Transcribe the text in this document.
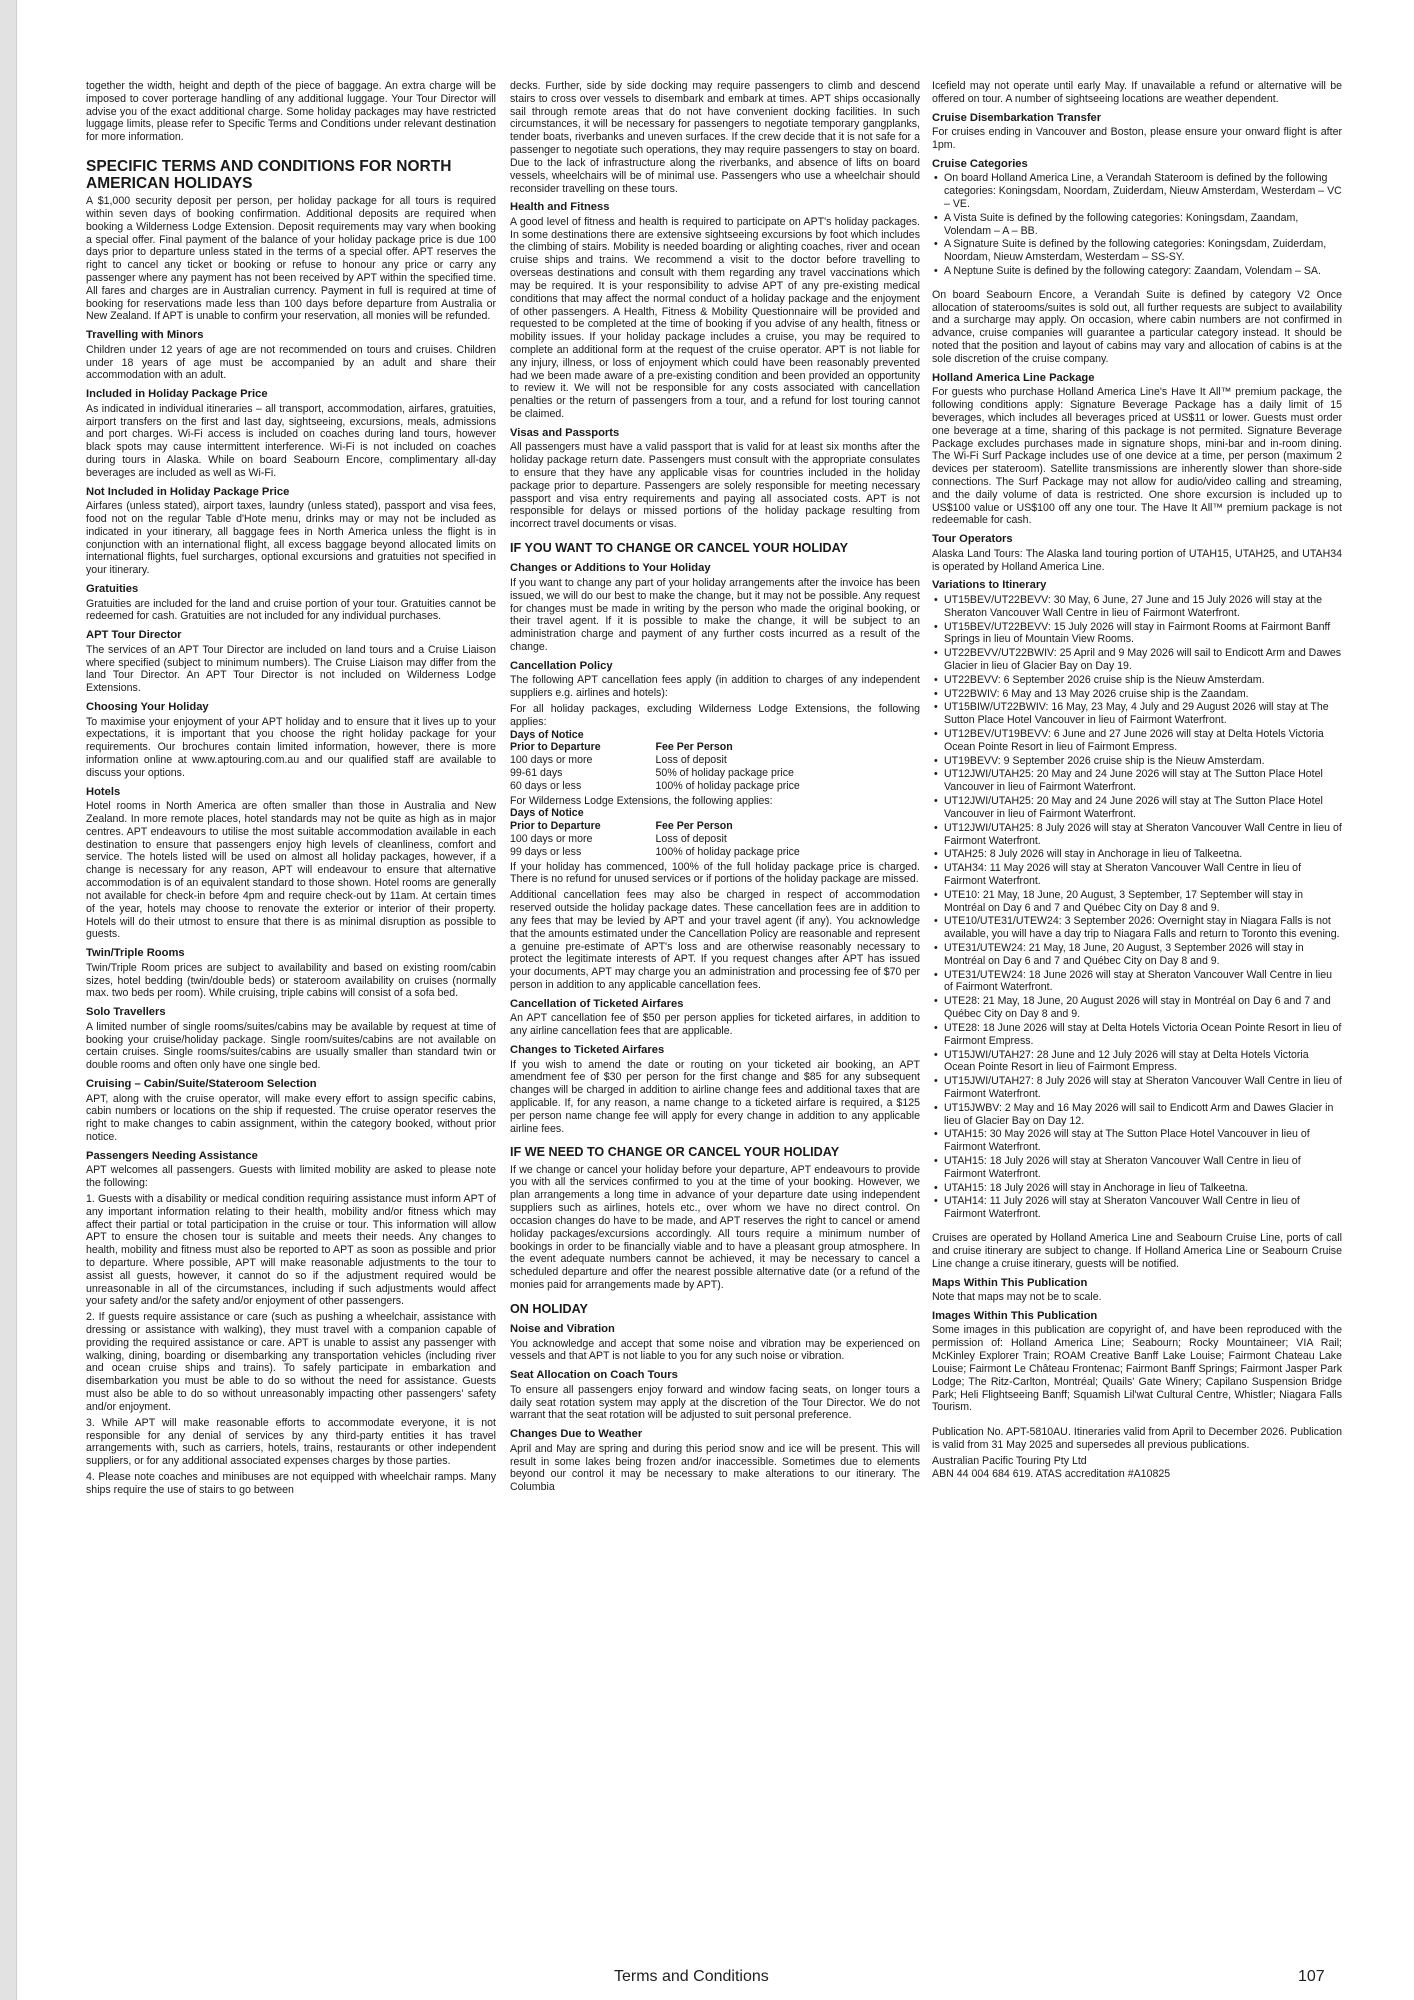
together the width, height and depth of the piece of baggage. An extra charge will be imposed to cover porterage handling of any additional luggage. Your Tour Director will advise you of the exact additional charge. Some holiday packages may have restricted luggage limits, please refer to Specific Terms and Conditions under relevant destination for more information.

SPECIFIC TERMS AND CONDITIONS FOR NORTH AMERICAN HOLIDAYS

A $1,000 security deposit per person, per holiday package for all tours is required within seven days of booking confirmation. Additional deposits are required when booking a Wilderness Lodge Extension. Deposit requirements may vary when booking a special offer. Final payment of the balance of your holiday package price is due 100 days prior to departure unless stated in the terms of a special offer. APT reserves the right to cancel any ticket or booking or refuse to honour any price or carry any passenger where any payment has not been received by APT within the specified time. All fares and charges are in Australian currency. Payment in full is required at time of booking for reservations made less than 100 days before departure from Australia or New Zealand. If APT is unable to confirm your reservation, all monies will be refunded.

Travelling with Minors

Children under 12 years of age are not recommended on tours and cruises. Children under 18 years of age must be accompanied by an adult and share their accommodation with an adult.

Included in Holiday Package Price

As indicated in individual itineraries – all transport, accommodation, airfares, gratuities, airport transfers on the first and last day, sightseeing, excursions, meals, admissions and port charges. Wi-Fi access is included on coaches during land tours, however black spots may cause intermittent interference. Wi-Fi is not included on coaches during tours in Alaska. While on board Seabourn Encore, complimentary all-day beverages are included as well as Wi-Fi.

Not Included in Holiday Package Price

Airfares (unless stated), airport taxes, laundry (unless stated), passport and visa fees, food not on the regular Table d'Hote menu, drinks may or may not be included as indicated in your itinerary, all baggage fees in North America unless the flight is in conjunction with an international flight, all excess baggage beyond allocated limits on international flights, fuel surcharges, optional excursions and gratuities not specified in your itinerary.

Gratuities

Gratuities are included for the land and cruise portion of your tour. Gratuities cannot be redeemed for cash. Gratuities are not included for any individual purchases.

APT Tour Director

The services of an APT Tour Director are included on land tours and a Cruise Liaison where specified (subject to minimum numbers). The Cruise Liaison may differ from the land Tour Director. An APT Tour Director is not included on Wilderness Lodge Extensions.

Choosing Your Holiday

To maximise your enjoyment of your APT holiday and to ensure that it lives up to your expectations, it is important that you choose the right holiday package for your requirements. Our brochures contain limited information, however, there is more information online at www.aptouring.com.au and our qualified staff are available to discuss your options.

Hotels

Hotel rooms in North America are often smaller than those in Australia and New Zealand. In more remote places, hotel standards may not be quite as high as in major centres. APT endeavours to utilise the most suitable accommodation available in each destination to ensure that passengers enjoy high levels of cleanliness, comfort and service. The hotels listed will be used on almost all holiday packages, however, if a change is necessary for any reason, APT will endeavour to ensure that alternative accommodation is of an equivalent standard to those shown. Hotel rooms are generally not available for check-in before 4pm and require check-out by 11am. At certain times of the year, hotels may choose to renovate the exterior or interior of their property. Hotels will do their utmost to ensure that there is as minimal disruption as possible to guests.

Twin/Triple Rooms

Twin/Triple Room prices are subject to availability and based on existing room/cabin sizes, hotel bedding (twin/double beds) or stateroom availability on cruises (normally max. two beds per room). While cruising, triple cabins will consist of a sofa bed.

Solo Travellers

A limited number of single rooms/suites/cabins may be available by request at time of booking your cruise/holiday package. Single room/suites/cabins are not available on certain cruises. Single rooms/suites/cabins are usually smaller than standard twin or double rooms and often only have one single bed.

Cruising – Cabin/Suite/Stateroom Selection

APT, along with the cruise operator, will make every effort to assign specific cabins, cabin numbers or locations on the ship if requested. The cruise operator reserves the right to make changes to cabin assignment, within the category booked, without prior notice.

Passengers Needing Assistance

APT welcomes all passengers. Guests with limited mobility are asked to please note the following:

1. Guests with a disability or medical condition requiring assistance must inform APT of any important information relating to their health, mobility and/or fitness which may affect their partial or total participation in the cruise or tour. This information will allow APT to ensure the chosen tour is suitable and meets their needs. Any changes to health, mobility and fitness must also be reported to APT as soon as possible and prior to departure. Where possible, APT will make reasonable adjustments to the tour to assist all guests, however, it cannot do so if the adjustment required would be unreasonable in all of the circumstances, including if such adjustments would affect your safety and/or the safety and/or enjoyment of other passengers.

2. If guests require assistance or care (such as pushing a wheelchair, assistance with dressing or assistance with walking), they must travel with a companion capable of providing the required assistance or care. APT is unable to assist any passenger with walking, dining, boarding or disembarking any transportation vehicles (including river and ocean cruise ships and trains). To safely participate in embarkation and disembarkation you must be able to do so without the need for assistance. Guests must also be able to do so without unreasonably impacting other passengers' safety and/or enjoyment.

3. While APT will make reasonable efforts to accommodate everyone, it is not responsible for any denial of services by any third-party entities it has travel arrangements with, such as carriers, hotels, trains, restaurants or other independent suppliers, or for any additional associated expenses charges by those parties.

4. Please note coaches and minibuses are not equipped with wheelchair ramps. Many ships require the use of stairs to go between

decks. Further, side by side docking may require passengers to climb and descend stairs to cross over vessels to disembark and embark at times. APT ships occasionally sail through remote areas that do not have convenient docking facilities. In such circumstances, it will be necessary for passengers to negotiate temporary gangplanks, tender boats, riverbanks and uneven surfaces. If the crew decide that it is not safe for a passenger to negotiate such operations, they may require passengers to stay on board. Due to the lack of infrastructure along the riverbanks, and absence of lifts on board vessels, wheelchairs will be of minimal use. Passengers who use a wheelchair should reconsider travelling on these tours.

Health and Fitness

A good level of fitness and health is required to participate on APT's holiday packages. In some destinations there are extensive sightseeing excursions by foot which includes the climbing of stairs. Mobility is needed boarding or alighting coaches, river and ocean cruise ships and trains. We recommend a visit to the doctor before travelling to overseas destinations and consult with them regarding any travel vaccinations which may be required. It is your responsibility to advise APT of any pre-existing medical conditions that may affect the normal conduct of a holiday package and the enjoyment of other passengers. A Health, Fitness & Mobility Questionnaire will be provided and requested to be completed at the time of booking if you advise of any health, fitness or mobility issues. If your holiday package includes a cruise, you may be required to complete an additional form at the request of the cruise operator. APT is not liable for any injury, illness, or loss of enjoyment which could have been reasonably prevented had we been made aware of a pre-existing condition and been provided an opportunity to review it. We will not be responsible for any costs associated with cancellation penalties or the return of passengers from a tour, and a refund for lost touring cannot be claimed.

Visas and Passports

All passengers must have a valid passport that is valid for at least six months after the holiday package return date. Passengers must consult with the appropriate consulates to ensure that they have any applicable visas for countries included in the holiday package prior to departure. Passengers are solely responsible for meeting necessary passport and visa entry requirements and paying all associated costs. APT is not responsible for delays or missed portions of the holiday package resulting from incorrect travel documents or visas.

IF YOU WANT TO CHANGE OR CANCEL YOUR HOLIDAY
Changes or Additions to Your Holiday

If you want to change any part of your holiday arrangements after the invoice has been issued, we will do our best to make the change, but it may not be possible. Any request for changes must be made in writing by the person who made the original booking, or their travel agent. If it is possible to make the change, it will be subject to an administration charge and payment of any further costs incurred as a result of the change.

Cancellation Policy

The following APT cancellation fees apply (in addition to charges of any independent suppliers e.g. airlines and hotels):

For all holiday packages, excluding Wilderness Lodge Extensions, the following applies:

Days of Notice	
Prior to Departure	Fee Per Person
100 days or more	Loss of deposit
99-61 days	50% of holiday package price
60 days or less	100% of holiday package price

For Wilderness Lodge Extensions, the following applies:

Days of Notice	
Prior to Departure	Fee Per Person
100 days or more	Loss of deposit
99 days or less	100% of holiday package price

If your holiday has commenced, 100% of the full holiday package price is charged. There is no refund for unused services or if portions of the holiday package are missed.

Additional cancellation fees may also be charged in respect of accommodation reserved outside the holiday package dates. These cancellation fees are in addition to any fees that may be levied by APT and your travel agent (if any). You acknowledge that the amounts estimated under the Cancellation Policy are reasonable and represent a genuine pre-estimate of APT's loss and are otherwise reasonably necessary to protect the legitimate interests of APT. If you request changes after APT has issued your documents, APT may charge you an administration and processing fee of $70 per person in addition to any applicable cancellation fees.

Cancellation of Ticketed Airfares

An APT cancellation fee of $50 per person applies for ticketed airfares, in addition to any airline cancellation fees that are applicable.

Changes to Ticketed Airfares

If you wish to amend the date or routing on your ticketed air booking, an APT amendment fee of $30 per person for the first change and $85 for any subsequent changes will be charged in addition to airline change fees and additional taxes that are applicable. If, for any reason, a name change to a ticketed airfare is required, a $125 per person name change fee will apply for every change in addition to any applicable airline fees.

IF WE NEED TO CHANGE OR CANCEL YOUR HOLIDAY

If we change or cancel your holiday before your departure, APT endeavours to provide you with all the services confirmed to you at the time of your booking. However, we plan arrangements a long time in advance of your departure date using independent suppliers such as airlines, hotels etc., over whom we have no direct control. On occasion changes do have to be made, and APT reserves the right to cancel or amend holiday packages/excursions accordingly. All tours require a minimum number of bookings in order to be financially viable and to have a pleasant group atmosphere. In the event adequate numbers cannot be achieved, it may be necessary to cancel a scheduled departure and offer the nearest possible alternative date (or a refund of the monies paid for arrangements made by APT).

ON HOLIDAY
Noise and Vibration

You acknowledge and accept that some noise and vibration may be experienced on vessels and that APT is not liable to you for any such noise or vibration.

Seat Allocation on Coach Tours

To ensure all passengers enjoy forward and window facing seats, on longer tours a daily seat rotation system may apply at the discretion of the Tour Director. We do not warrant that the seat rotation will be adjusted to suit personal preference.

Changes Due to Weather

April and May are spring and during this period snow and ice will be present. This will result in some lakes being frozen and/or inaccessible. Sometimes due to elements beyond our control it may be necessary to make alterations to our itinerary. The Columbia

Icefield may not operate until early May. If unavailable a refund or alternative will be offered on tour. A number of sightseeing locations are weather dependent.

Cruise Disembarkation Transfer

For cruises ending in Vancouver and Boston, please ensure your onward flight is after 1pm.

Cruise Categories
• On board Holland America Line, a Verandah Stateroom is defined by the following categories: Koningsdam, Noordam, Zuiderdam, Nieuw Amsterdam, Westerdam – VC – VE.
• A Vista Suite is defined by the following categories: Koningsdam, Zaandam, Volendam – A – BB.
• A Signature Suite is defined by the following categories: Koningsdam, Zuiderdam, Noordam, Nieuw Amsterdam, Westerdam – SS-SY.
• A Neptune Suite is defined by the following category: Zaandam, Volendam – SA.

On board Seabourn Encore, a Verandah Suite is defined by category V2 Once allocation of staterooms/suites is sold out, all further requests are subject to availability and a surcharge may apply. On occasion, where cabin numbers are not confirmed in advance, cruise companies will guarantee a particular category instead. It should be noted that the position and layout of cabins may vary and allocation of cabins is at the sole discretion of the cruise company.

Holland America Line Package

For guests who purchase Holland America Line's Have It All™ premium package, the following conditions apply: Signature Beverage Package has a daily limit of 15 beverages, which includes all beverages priced at US$11 or lower. Guests must order one beverage at a time, sharing of this package is not permited. Signature Beverage Package excludes purchases made in signature shops, mini-bar and in-room dining. The Wi-Fi Surf Package includes use of one device at a time, per person (maximum 2 devices per stateroom). Satellite transmissions are inherently slower than shore-side connections. The Surf Package may not allow for audio/video calling and streaming, and the daily volume of data is restricted. One shore excursion is included up to US$100 value or US$100 off any one tour. The Have It All™ premium package is not redeemable for cash.

Tour Operators

Alaska Land Tours: The Alaska land touring portion of UTAH15, UTAH25, and UTAH34 is operated by Holland America Line.

Variations to Itinerary
• UT15BEV/UT22BEVV: 30 May, 6 June, 27 June and 15 July 2026 will stay at the Sheraton Vancouver Wall Centre in lieu of Fairmont Waterfront.
• UT15BEV/UT22BEVV: 15 July 2026 will stay in Fairmont Rooms at Fairmont Banff Springs in lieu of Mountain View Rooms.
• UT22BEVV/UT22BWIV: 25 April and 9 May 2026 will sail to Endicott Arm and Dawes Glacier in lieu of Glacier Bay on Day 19.
• UT22BEVV: 6 September 2026 cruise ship is the Nieuw Amsterdam.
• UT22BWIV: 6 May and 13 May 2026 cruise ship is the Zaandam.
• UT15BIW/UT22BWIV: 16 May, 23 May, 4 July and 29 August 2026 will stay at The Sutton Place Hotel Vancouver in lieu of Fairmont Waterfront.
• UT12BEV/UT19BEVV: 6 June and 27 June 2026 will stay at Delta Hotels Victoria Ocean Pointe Resort in lieu of Fairmont Empress.
• UT19BEVV: 9 September 2026 cruise ship is the Nieuw Amsterdam.
• UT12JWI/UTAH25: 20 May and 24 June 2026 will stay at The Sutton Place Hotel Vancouver in lieu of Fairmont Waterfront.
• UT12JWI/UTAH25: 20 May and 24 June 2026 will stay at The Sutton Place Hotel Vancouver in lieu of Fairmont Waterfront.
• UT12JWI/UTAH25: 8 July 2026 will stay at Sheraton Vancouver Wall Centre in lieu of Fairmont Waterfront.
• UTAH25: 8 July 2026 will stay in Anchorage in lieu of Talkeetna.
• UTAH34: 11 May 2026 will stay at Sheraton Vancouver Wall Centre in lieu of Fairmont Waterfront.
• UTE10: 21 May, 18 June, 20 August, 3 September, 17 September will stay in Montréal on Day 6 and 7 and Québec City on Day 8 and 9.
• UTE10/UTE31/UTEW24: 3 September 2026: Overnight stay in Niagara Falls is not available, you will have a day trip to Niagara Falls and return to Toronto this evening.
• UTE31/UTEW24: 21 May, 18 June, 20 August, 3 September 2026 will stay in Montréal on Day 6 and 7 and Québec City on Day 8 and 9.
• UTE31/UTEW24: 18 June 2026 will stay at Sheraton Vancouver Wall Centre in lieu of Fairmont Waterfront.
• UTE28: 21 May, 18 June, 20 August 2026 will stay in Montréal on Day 6 and 7 and Québec City on Day 8 and 9.
• UTE28: 18 June 2026 will stay at Delta Hotels Victoria Ocean Pointe Resort in lieu of Fairmont Empress.
• UT15JWI/UTAH27: 28 June and 12 July 2026 will stay at Delta Hotels Victoria Ocean Pointe Resort in lieu of Fairmont Empress.
• UT15JWI/UTAH27: 8 July 2026 will stay at Sheraton Vancouver Wall Centre in lieu of Fairmont Waterfront.
• UT15JWBV: 2 May and 16 May 2026 will sail to Endicott Arm and Dawes Glacier in lieu of Glacier Bay on Day 12.
• UTAH15: 30 May 2026 will stay at The Sutton Place Hotel Vancouver in lieu of Fairmont Waterfront.
• UTAH15: 18 July 2026 will stay at Sheraton Vancouver Wall Centre in lieu of Fairmont Waterfront.
• UTAH15: 18 July 2026 will stay in Anchorage in lieu of Talkeetna.
• UTAH14: 11 July 2026 will stay at Sheraton Vancouver Wall Centre in lieu of Fairmont Waterfront.

Cruises are operated by Holland America Line and Seabourn Cruise Line, ports of call and cruise itinerary are subject to change. If Holland America Line or Seabourn Cruise Line change a cruise itinerary, guests will be notified.

Maps Within This Publication

Note that maps may not be to scale.

Images Within This Publication

Some images in this publication are copyright of, and have been reproduced with the permission of: Holland America Line; Seabourn; Rocky Mountaineer; VIA Rail; McKinley Explorer Train; ROAM Creative Banff Lake Louise; Fairmont Chateau Lake Louise; Fairmont Le Château Frontenac; Fairmont Banff Springs; Fairmont Jasper Park Lodge; The Ritz-Carlton, Montréal; Quails' Gate Winery; Capilano Suspension Bridge Park; Heli Flightseeing Banff; Squamish Lil'wat Cultural Centre, Whistler; Niagara Falls Tourism.

Publication No. APT-5810AU. Itineraries valid from April to December 2026. Publication is valid from 31 May 2025 and supersedes all previous publications.

Australian Pacific Touring Pty Ltd

ABN 44 004 684 619. ATAS accreditation #A10825

Terms and Conditions	107
